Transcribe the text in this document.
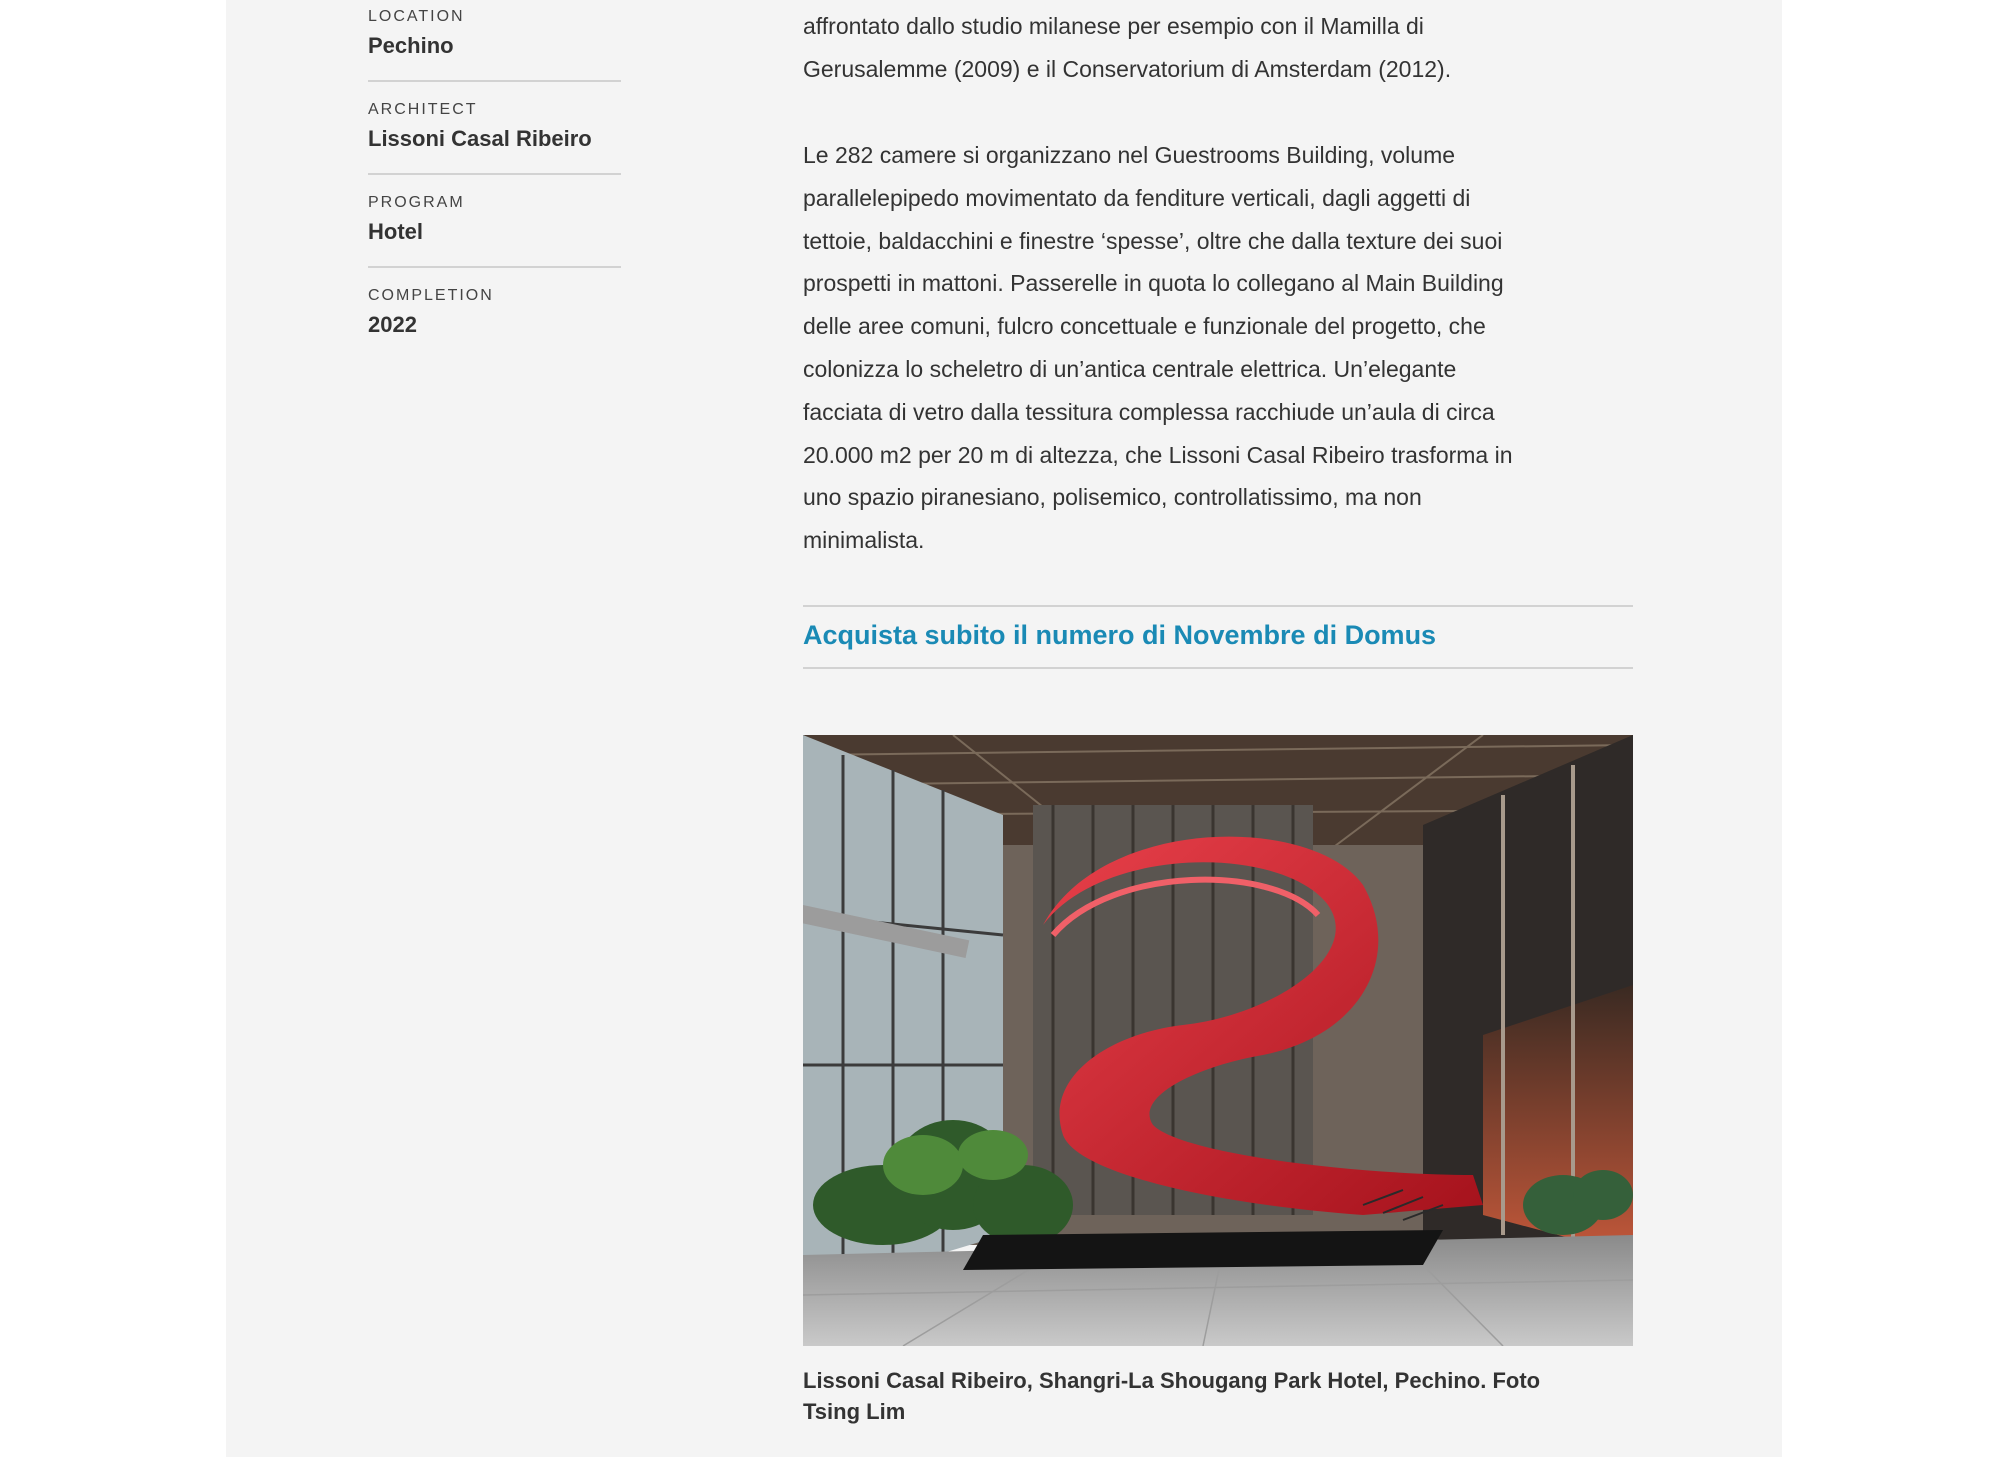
LOCATION
Pechino
ARCHITECT
Lissoni Casal Ribeiro
PROGRAM
Hotel
COMPLETION
2022

affrontato dallo studio milanese per esempio con il Mamilla di
Gerusalemme (2009) e il Conservatorium di Amsterdam (2012).

Le 282 camere si organizzano nel Guestrooms Building, volume
parallelepipedo movimentato da fenditure verticali, dagli aggetti di
tettoie, baldacchini e finestre ‘spesse’, oltre che dalla texture dei suoi
prospetti in mattoni. Passerelle in quota lo collegano al Main Building
delle aree comuni, fulcro concettuale e funzionale del progetto, che
colonizza lo scheletro di un’antica centrale elettrica. Un’elegante
facciata di vetro dalla tessitura complessa racchiude un’aula di circa
20.000 m2 per 20 m di altezza, che Lissoni Casal Ribeiro trasforma in
uno spazio piranesiano, polisemico, controllatissimo, ma non
minimalista.

Acquista subito il numero di Novembre di Domus

Lissoni Casal Ribeiro, Shangri-La Shougang Park Hotel, Pechino. Foto
Tsing Lim
